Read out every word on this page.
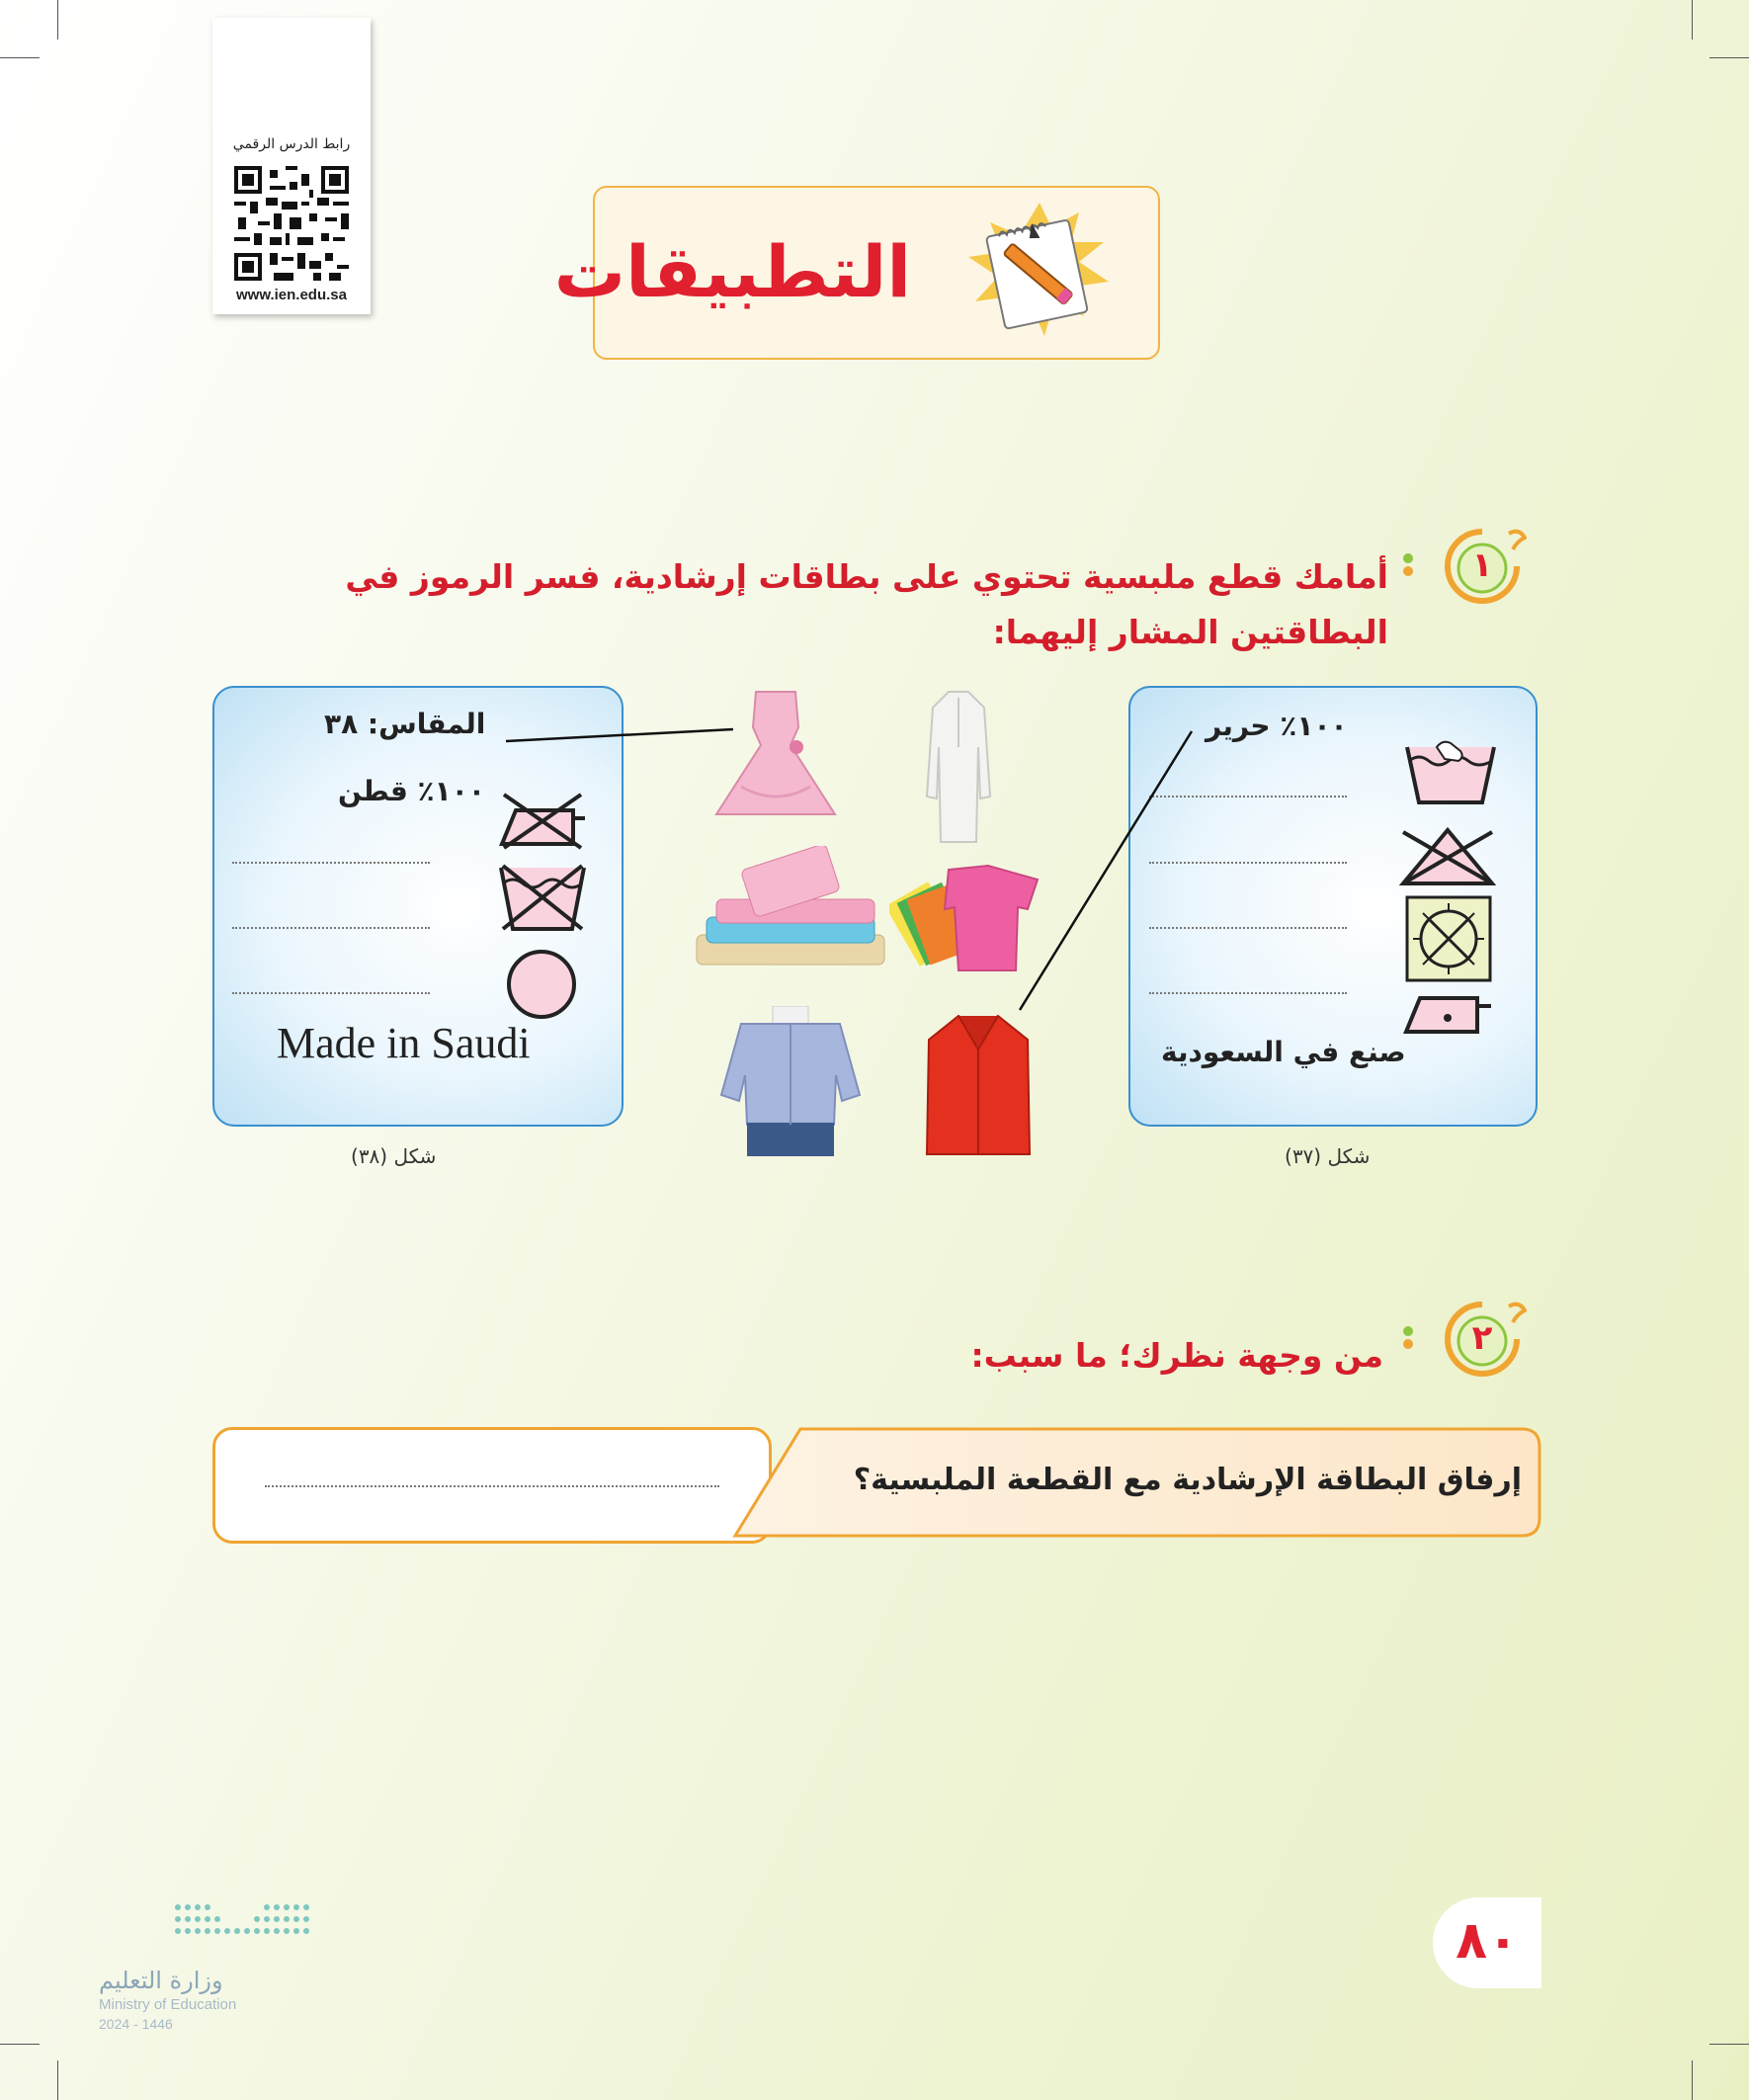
رابط الدرس الرقمي
www.ien.edu.sa	التطبيقات
١
أمامك قطع ملبسية تحتوي على بطاقات إرشادية، فسر الرموز في البطاقتين المشار إليهما:
١٠٠٪ حرير
صنع في السعودية
شكل (٣٧)
المقاس: ٣٨
١٠٠٪ قطن
Made in Saudi
شكل (٣٨)
٢
من وجهة نظرك؛ ما سبب:
إرفاق البطاقة الإرشادية مع القطعة الملبسية؟
٨٠
وزارة التعليم
Ministry of Education
2024 - 1446
